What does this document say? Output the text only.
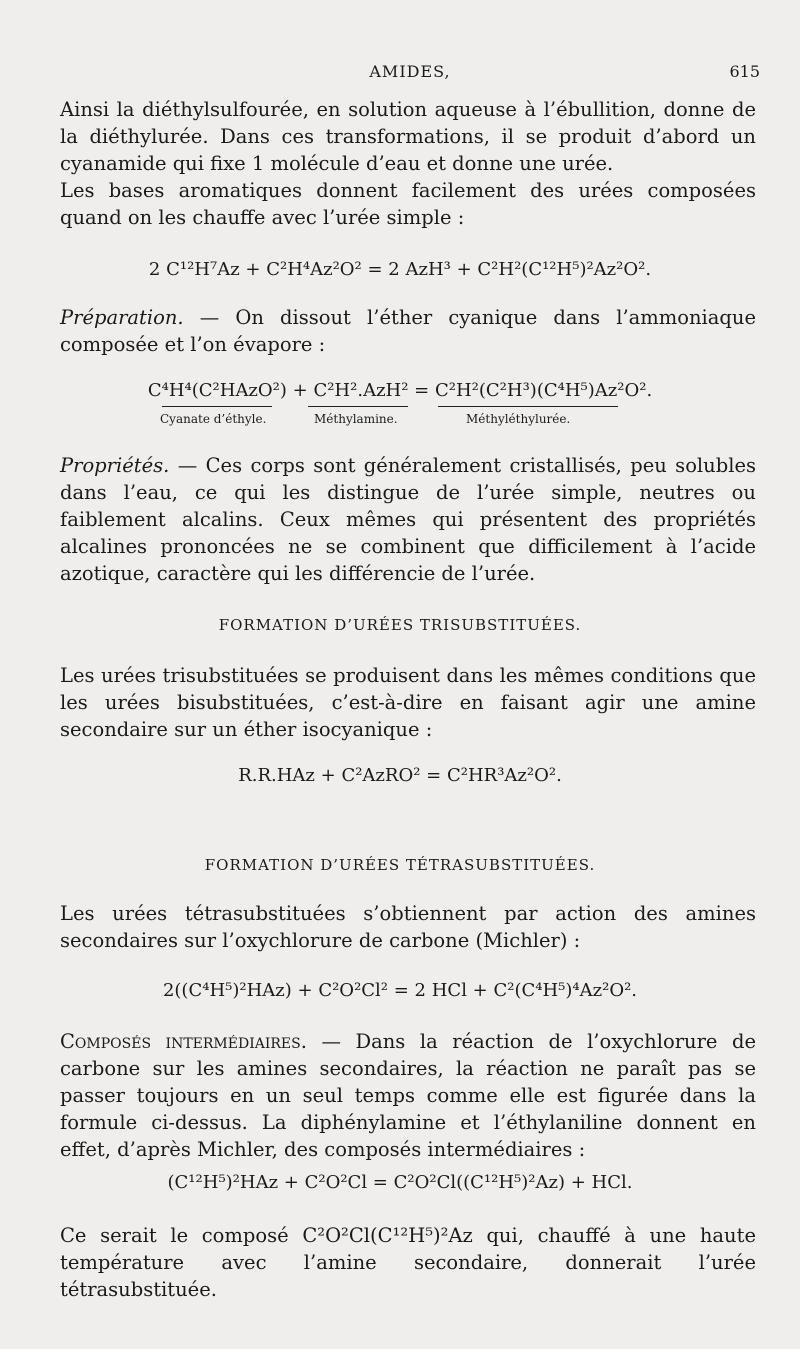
AMIDES,	615
Ainsi la diéthylsulfourée, en solution aqueuse à l’ébullition, donne de la diéthylurée. Dans ces transformations, il se produit d’abord un cyanamide qui fixe 1 molécule d’eau et donne une urée.
Les bases aromatiques donnent facilement des urées composées quand on les chauffe avec l’urée simple :
2 C¹²H⁷Az + C²H⁴Az²O² = 2 AzH³ + C²H²(C¹²H⁵)²Az²O².
Préparation. — On dissout l’éther cyanique dans l’ammoniaque composée et l’on évapore :
C⁴H⁴(C²HAzO²) + C²H².AzH² = C²H²(C²H³)(C⁴H⁵)Az²O².
Cyanate d’éthyle.	Méthylamine.	Méthyléthylurée.
Propriétés. — Ces corps sont généralement cristallisés, peu solubles dans l’eau, ce qui les distingue de l’urée simple, neutres ou faiblement alcalins. Ceux mêmes qui présentent des propriétés alcalines prononcées ne se combinent que difficilement à l’acide azotique, caractère qui les différencie de l’urée.
FORMATION D’URÉES TRISUBSTITUÉES.
Les urées trisubstituées se produisent dans les mêmes conditions que les urées bisubstituées, c’est-à-dire en faisant agir une amine secondaire sur un éther isocyanique :
R.R.HAz + C²AzRO² = C²HR³Az²O².
FORMATION D’URÉES TÉTRASUBSTITUÉES.
Les urées tétrasubstituées s’obtiennent par action des amines secondaires sur l’oxychlorure de carbone (Michler) :
2((C⁴H⁵)²HAz) + C²O²Cl² = 2 HCl + C²(C⁴H⁵)⁴Az²O².
Composés intermédiaires. — Dans la réaction de l’oxychlorure de carbone sur les amines secondaires, la réaction ne paraît pas se passer toujours en un seul temps comme elle est figurée dans la formule ci-dessus. La diphénylamine et l’éthylaniline donnent en effet, d’après Michler, des composés intermédiaires :
(C¹²H⁵)²HAz + C²O²Cl = C²O²Cl((C¹²H⁵)²Az) + HCl.
Ce serait le composé C²O²Cl(C¹²H⁵)²Az qui, chauffé à une haute température avec l’amine secondaire, donnerait l’urée tétrasubstituée.
